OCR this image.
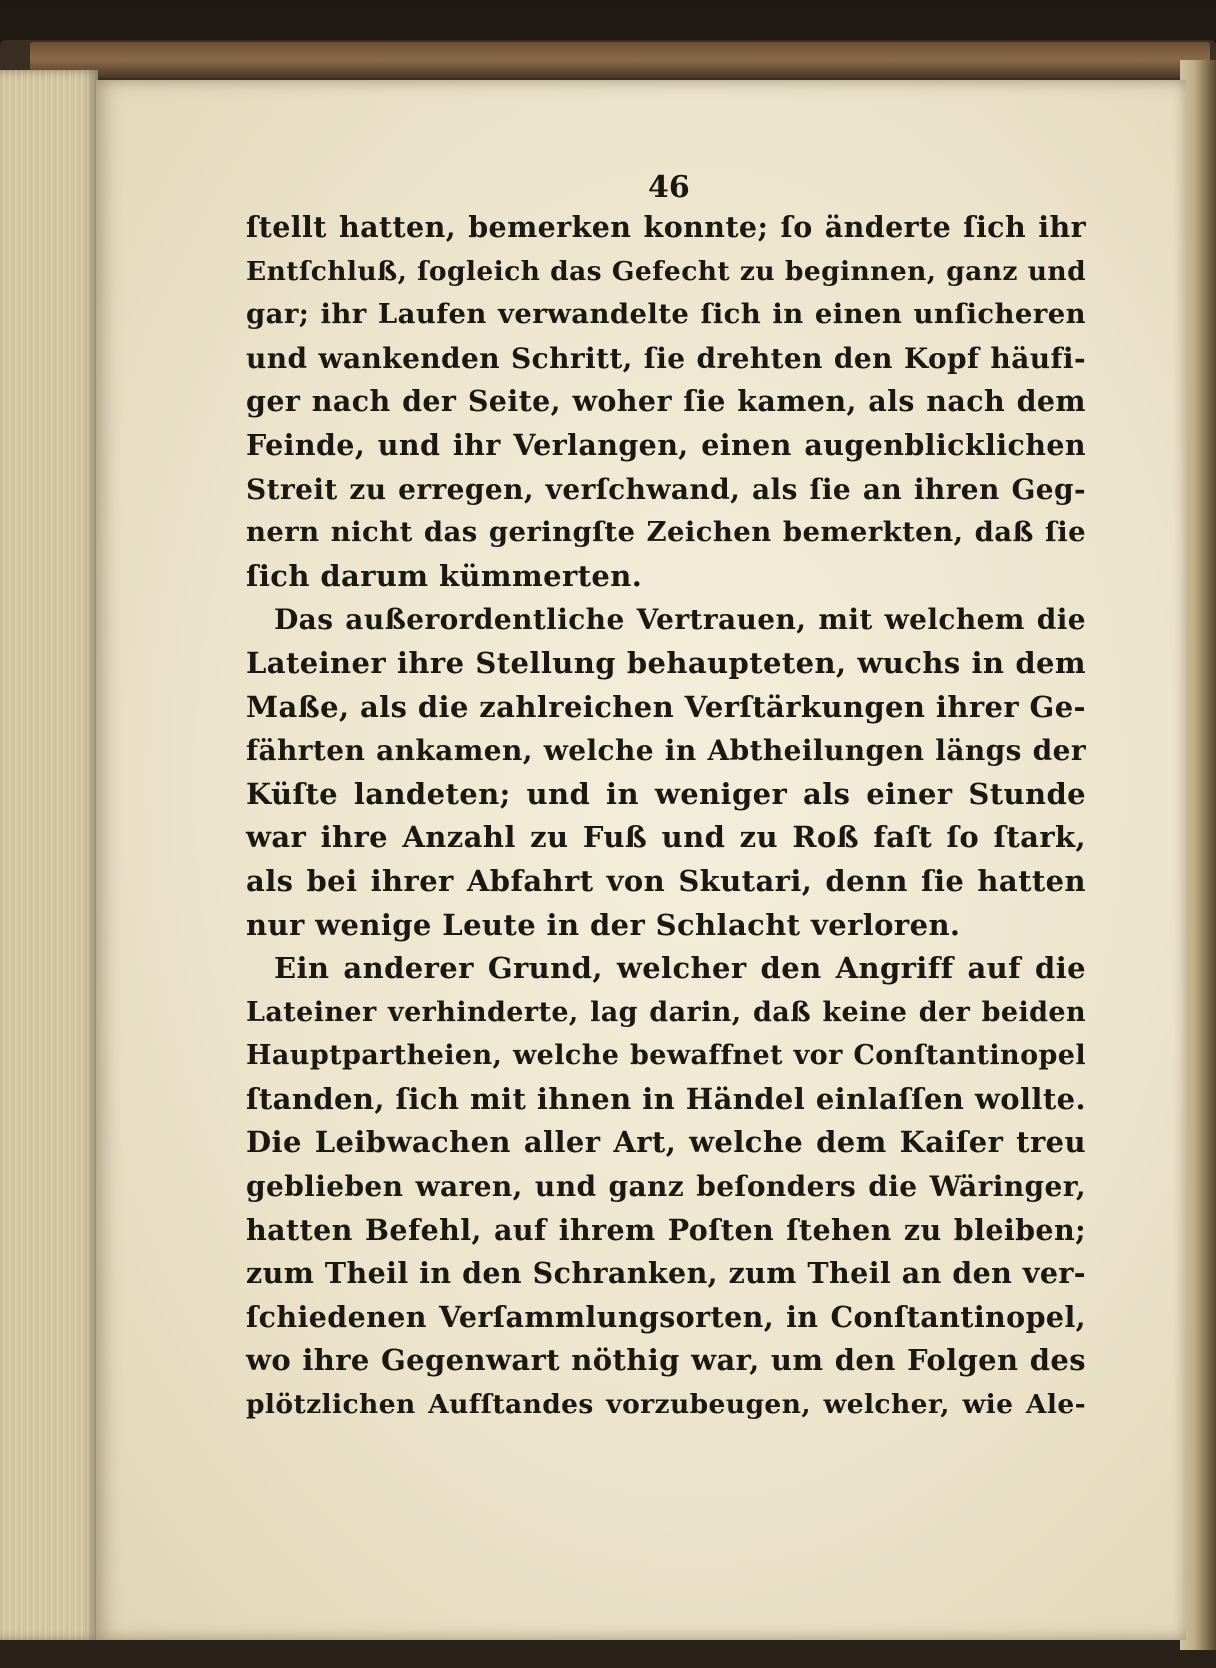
46
ſtellt hatten, bemerken konnte; ſo änderte ſich ihr
Entſchluß, ſogleich das Gefecht zu beginnen, ganz und
gar; ihr Laufen verwandelte ſich in einen unſicheren
und wankenden Schritt, ſie drehten den Kopf häufi-
ger nach der Seite, woher ſie kamen, als nach dem
Feinde, und ihr Verlangen, einen augenblicklichen
Streit zu erregen, verſchwand, als ſie an ihren Geg-
nern nicht das geringſte Zeichen bemerkten, daß ſie
ſich darum kümmerten.
Das außerordentliche Vertrauen, mit welchem die
Lateiner ihre Stellung behaupteten, wuchs in dem
Maße, als die zahlreichen Verſtärkungen ihrer Ge-
fährten ankamen, welche in Abtheilungen längs der
Küſte landeten; und in weniger als einer Stunde
war ihre Anzahl zu Fuß und zu Roß faſt ſo ſtark,
als bei ihrer Abfahrt von Skutari, denn ſie hatten
nur wenige Leute in der Schlacht verloren.
Ein anderer Grund, welcher den Angriff auf die
Lateiner verhinderte, lag darin, daß keine der beiden
Hauptpartheien, welche bewaffnet vor Conſtantinopel
ſtanden, ſich mit ihnen in Händel einlaſſen wollte.
Die Leibwachen aller Art, welche dem Kaiſer treu
geblieben waren, und ganz beſonders die Wäringer,
hatten Befehl, auf ihrem Poſten ſtehen zu bleiben;
zum Theil in den Schranken, zum Theil an den ver-
ſchiedenen Verſammlungsorten, in Conſtantinopel,
wo ihre Gegenwart nöthig war, um den Folgen des
plötzlichen Aufſtandes vorzubeugen, welcher, wie Ale-
